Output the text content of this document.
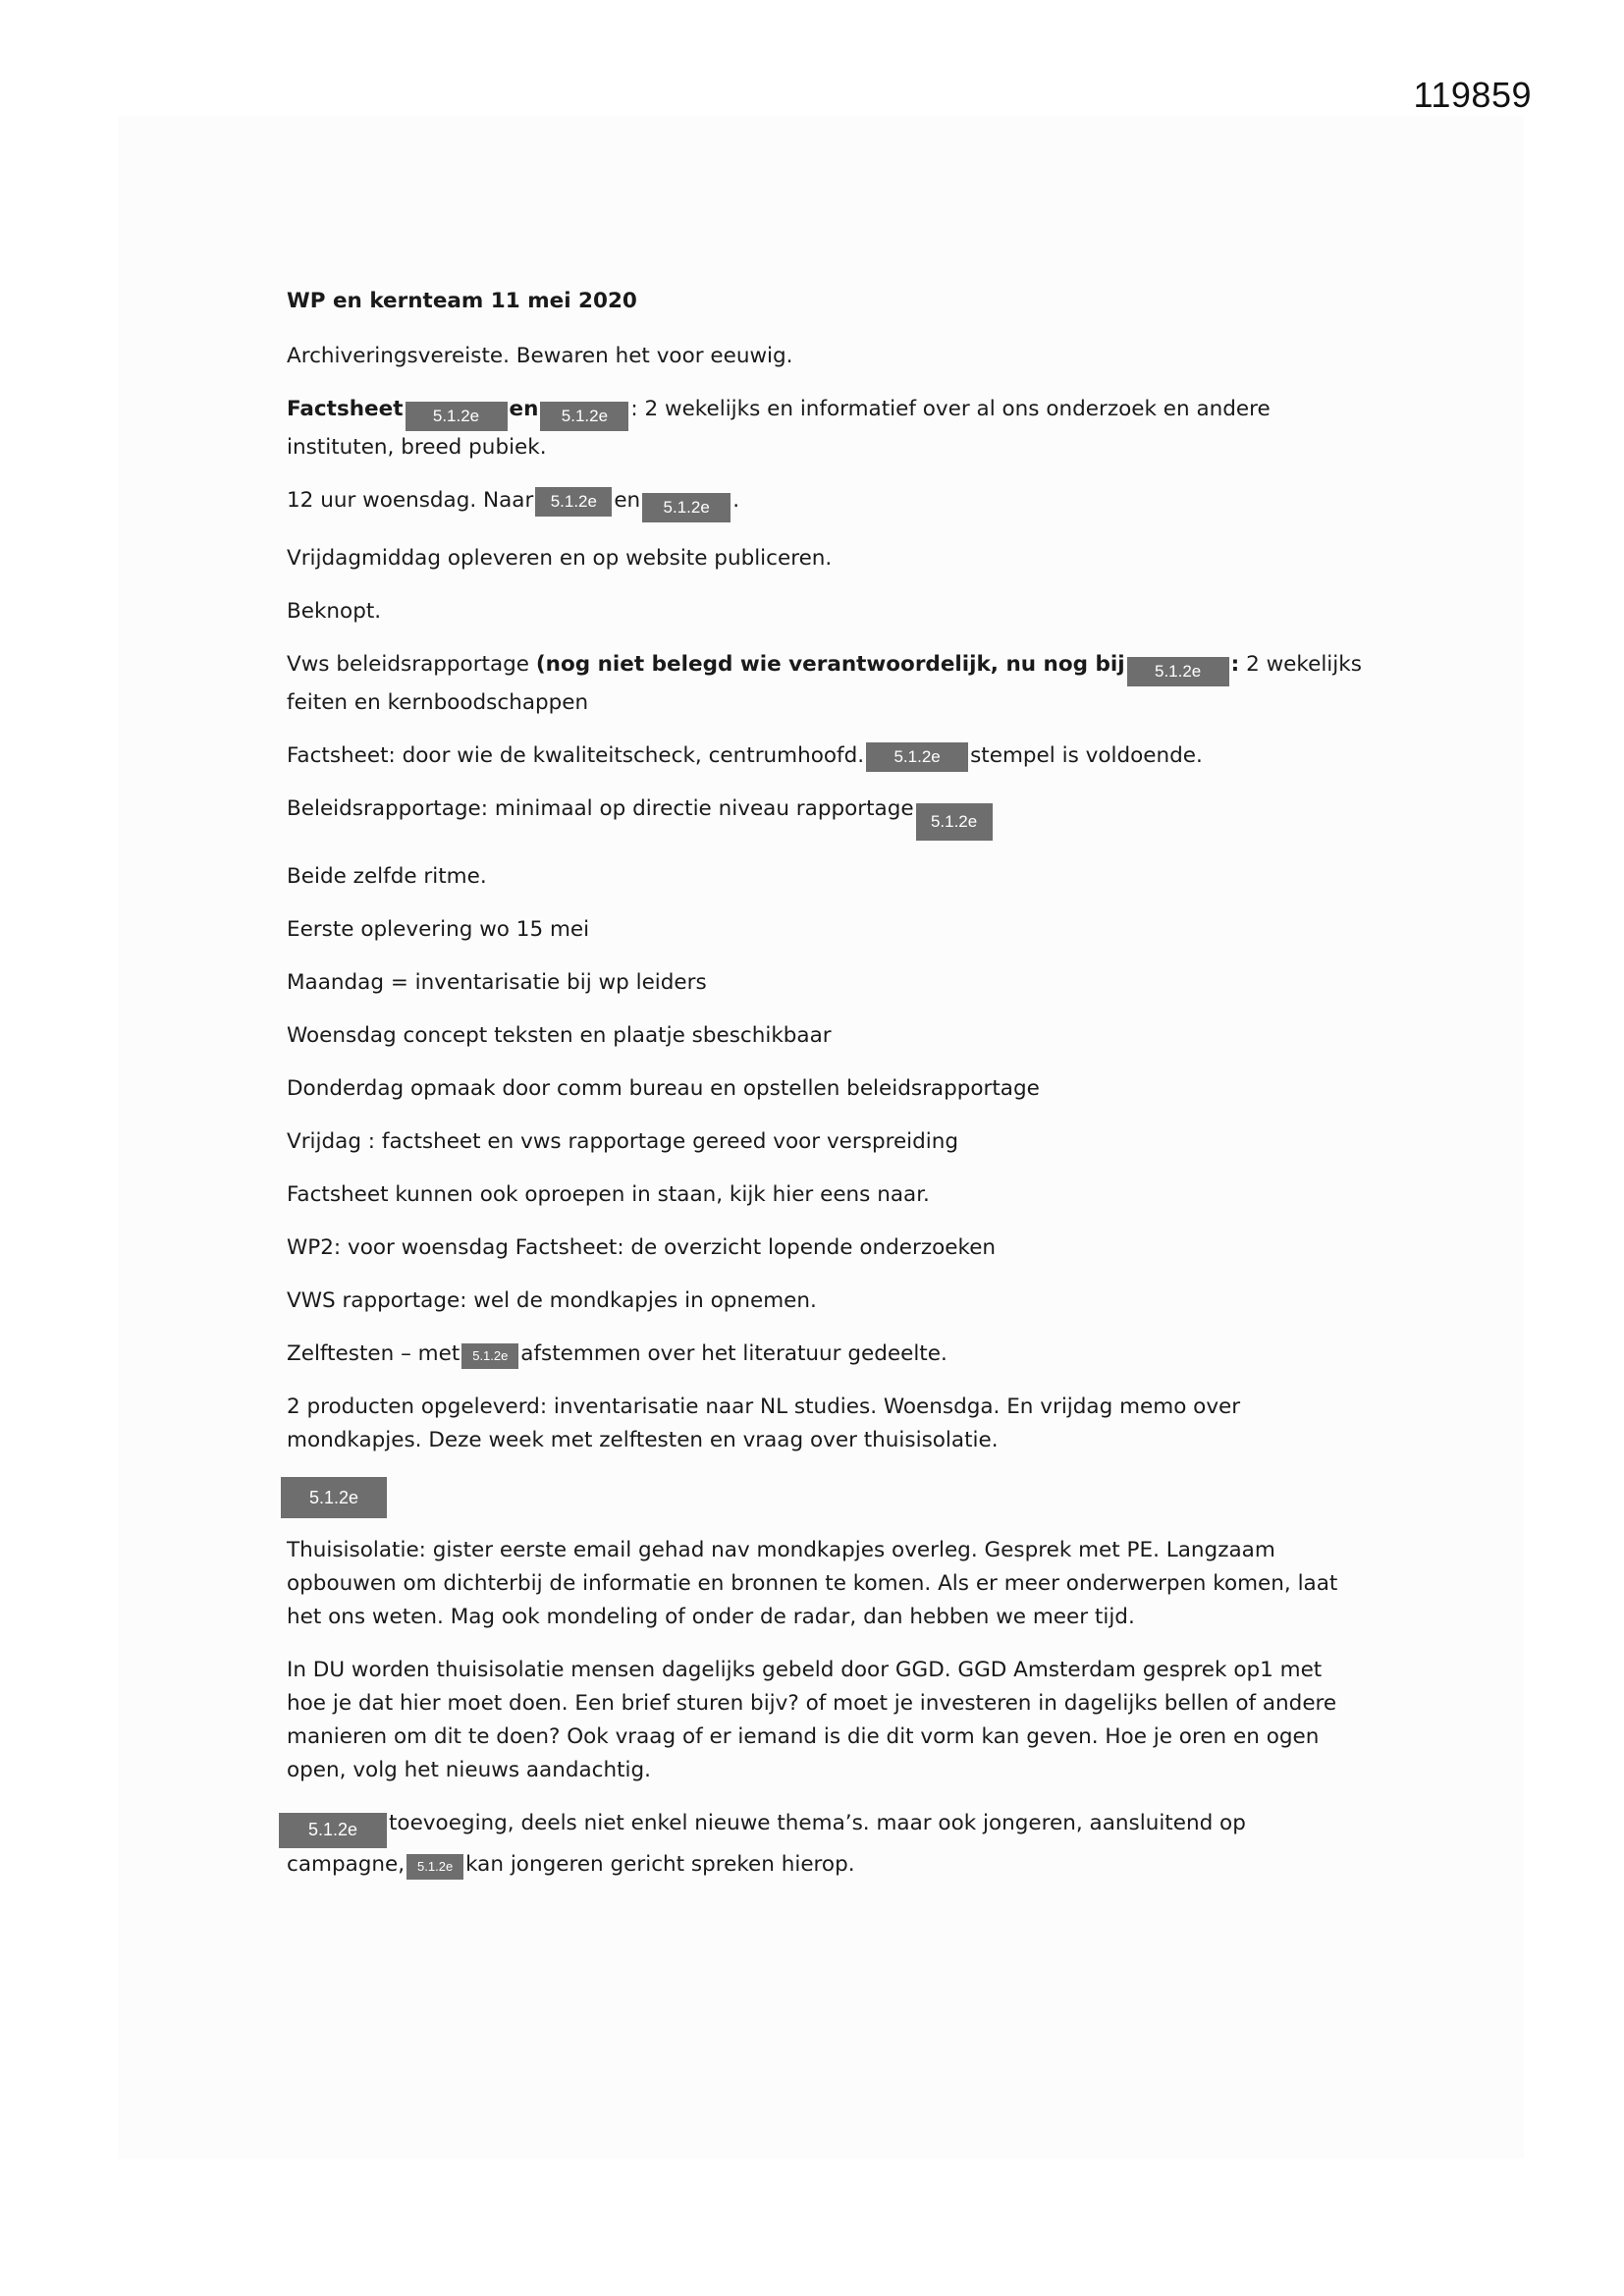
119859

WP en kernteam 11 mei 2020

Archiveringsvereiste. Bewaren het voor eeuwig.

Factsheet 5.1.2e en 5.1.2e : 2 wekelijks en informatief over al ons onderzoek en andere
instituten, breed pubiek.

12 uur woensdag. Naar 5.1.2e en 5.1.2e .

Vrijdagmiddag opleveren en op website publiceren.

Beknopt.

Vws beleidsrapportage (nog niet belegd wie verantwoordelijk, nu nog bij 5.1.2e : 2 wekelijks
feiten en kernboodschappen

Factsheet: door wie de kwaliteitscheck, centrumhoofd. 5.1.2e stempel is voldoende.

Beleidsrapportage: minimaal op directie niveau rapportage5.1.2e

Beide zelfde ritme.

Eerste oplevering wo 15 mei

Maandag = inventarisatie bij wp leiders

Woensdag concept teksten en plaatje sbeschikbaar

Donderdag opmaak door comm bureau en opstellen beleidsrapportage

Vrijdag : factsheet en vws rapportage gereed voor verspreiding

Factsheet kunnen ook oproepen in staan, kijk hier eens naar.

WP2: voor woensdag Factsheet: de overzicht lopende onderzoeken

VWS rapportage: wel de mondkapjes in opnemen.

Zelftesten – met 5.1.2e afstemmen over het literatuur gedeelte.

2 producten opgeleverd: inventarisatie naar NL studies. Woensdga. En vrijdag memo over mondkapjes. Deze week met zelftesten en vraag over thuisisolatie.

5.1.2e

Thuisisolatie: gister eerste email gehad nav mondkapjes overleg. Gesprek met PE. Langzaam opbouwen om dichterbij de informatie en bronnen te komen. Als er meer onderwerpen komen, laat het ons weten. Mag ook mondeling of onder de radar, dan hebben we meer tijd.

In DU worden thuisisolatie mensen dagelijks gebeld door GGD. GGD Amsterdam gesprek op1 met hoe je dat hier moet doen. Een brief sturen bijv? of moet je investeren in dagelijks bellen of andere manieren om dit te doen? Ook vraag of er iemand is die dit vorm kan geven. Hoe je oren en ogen open, volg het nieuws aandachtig.

5.1.2e toevoeging, deels niet enkel nieuwe thema’s. maar ook jongeren, aansluitend op campagne, 5.1.2e kan jongeren gericht spreken hierop.
